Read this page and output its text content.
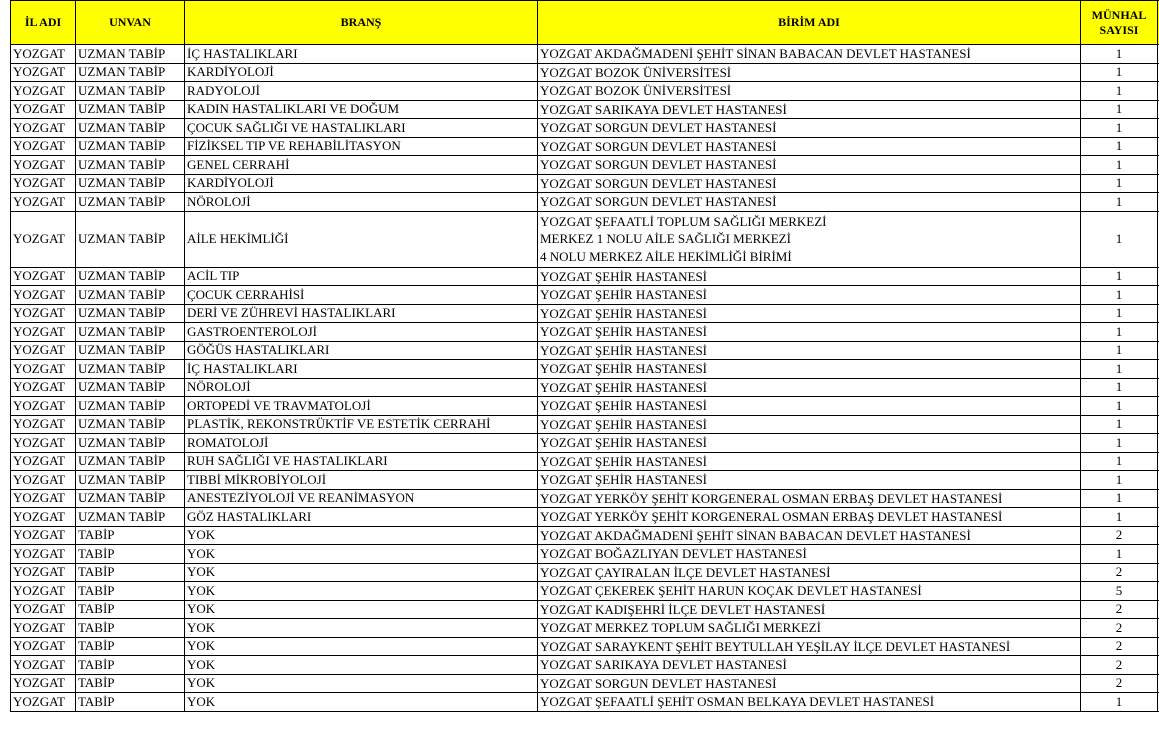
İL ADI	UNVAN	BRANŞ	BİRİM ADI	MÜNHAL
SAYISI	

YOZGAT	UZMAN TABİP	İÇ HASTALIKLARI	YOZGAT AKDAĞMADENİ ŞEHİT SİNAN BABACAN DEVLET HASTANESİ	1	
YOZGAT	UZMAN TABİP	KARDİYOLOJİ	YOZGAT BOZOK ÜNİVERSİTESİ	1	
YOZGAT	UZMAN TABİP	RADYOLOJİ	YOZGAT BOZOK ÜNİVERSİTESİ	1	
YOZGAT	UZMAN TABİP	KADIN HASTALIKLARI VE DOĞUM	YOZGAT SARIKAYA DEVLET HASTANESİ	1	
YOZGAT	UZMAN TABİP	ÇOCUK SAĞLIĞI VE HASTALIKLARI	YOZGAT SORGUN DEVLET HASTANESİ	1	
YOZGAT	UZMAN TABİP	FİZİKSEL TIP VE REHABİLİTASYON	YOZGAT SORGUN DEVLET HASTANESİ	1	
YOZGAT	UZMAN TABİP	GENEL CERRAHİ	YOZGAT SORGUN DEVLET HASTANESİ	1	
YOZGAT	UZMAN TABİP	KARDİYOLOJİ	YOZGAT SORGUN DEVLET HASTANESİ	1	
YOZGAT	UZMAN TABİP	NÖROLOJİ	YOZGAT SORGUN DEVLET HASTANESİ	1	
YOZGAT	UZMAN TABİP	AİLE HEKİMLİĞİ	YOZGAT ŞEFAATLİ TOPLUM SAĞLIĞI MERKEZİ
MERKEZ 1 NOLU AİLE SAĞLIĞI MERKEZİ
4 NOLU MERKEZ AİLE HEKİMLİĞİ BİRİMİ	1	
YOZGAT	UZMAN TABİP	ACİL TIP	YOZGAT ŞEHİR HASTANESİ	1	
YOZGAT	UZMAN TABİP	ÇOCUK CERRAHİSİ	YOZGAT ŞEHİR HASTANESİ	1	
YOZGAT	UZMAN TABİP	DERİ VE ZÜHREVİ HASTALIKLARI	YOZGAT ŞEHİR HASTANESİ	1	
YOZGAT	UZMAN TABİP	GASTROENTEROLOJİ	YOZGAT ŞEHİR HASTANESİ	1	
YOZGAT	UZMAN TABİP	GÖĞÜS HASTALIKLARI	YOZGAT ŞEHİR HASTANESİ	1	
YOZGAT	UZMAN TABİP	İÇ HASTALIKLARI	YOZGAT ŞEHİR HASTANESİ	1	
YOZGAT	UZMAN TABİP	NÖROLOJİ	YOZGAT ŞEHİR HASTANESİ	1	
YOZGAT	UZMAN TABİP	ORTOPEDİ VE TRAVMATOLOJİ	YOZGAT ŞEHİR HASTANESİ	1	
YOZGAT	UZMAN TABİP	PLASTİK, REKONSTRÜKTİF VE ESTETİK CERRAHİ	YOZGAT ŞEHİR HASTANESİ	1	
YOZGAT	UZMAN TABİP	ROMATOLOJİ	YOZGAT ŞEHİR HASTANESİ	1	
YOZGAT	UZMAN TABİP	RUH SAĞLIĞI VE HASTALIKLARI	YOZGAT ŞEHİR HASTANESİ	1	
YOZGAT	UZMAN TABİP	TIBBİ MİKROBİYOLOJİ	YOZGAT ŞEHİR HASTANESİ	1	
YOZGAT	UZMAN TABİP	ANESTEZİYOLOJİ VE REANİMASYON	YOZGAT YERKÖY ŞEHİT KORGENERAL OSMAN ERBAŞ DEVLET HASTANESİ	1	
YOZGAT	UZMAN TABİP	GÖZ HASTALIKLARI	YOZGAT YERKÖY ŞEHİT KORGENERAL OSMAN ERBAŞ DEVLET HASTANESİ	1	
YOZGAT	TABİP	YOK	YOZGAT AKDAĞMADENİ ŞEHİT SİNAN BABACAN DEVLET HASTANESİ	2	
YOZGAT	TABİP	YOK	YOZGAT BOĞAZLIYAN DEVLET HASTANESİ	1	
YOZGAT	TABİP	YOK	YOZGAT ÇAYIRALAN İLÇE DEVLET HASTANESİ	2	
YOZGAT	TABİP	YOK	YOZGAT ÇEKEREK ŞEHİT HARUN KOÇAK DEVLET HASTANESİ	5	
YOZGAT	TABİP	YOK	YOZGAT KADIŞEHRİ İLÇE DEVLET HASTANESİ	2	
YOZGAT	TABİP	YOK	YOZGAT MERKEZ TOPLUM SAĞLIĞI MERKEZİ	2	
YOZGAT	TABİP	YOK	YOZGAT SARAYKENT ŞEHİT BEYTULLAH YEŞİLAY İLÇE DEVLET HASTANESİ	2	
YOZGAT	TABİP	YOK	YOZGAT SARIKAYA DEVLET HASTANESİ	2	
YOZGAT	TABİP	YOK	YOZGAT SORGUN DEVLET HASTANESİ	2	
YOZGAT	TABİP	YOK	YOZGAT ŞEFAATLİ ŞEHİT OSMAN BELKAYA DEVLET HASTANESİ	1	
